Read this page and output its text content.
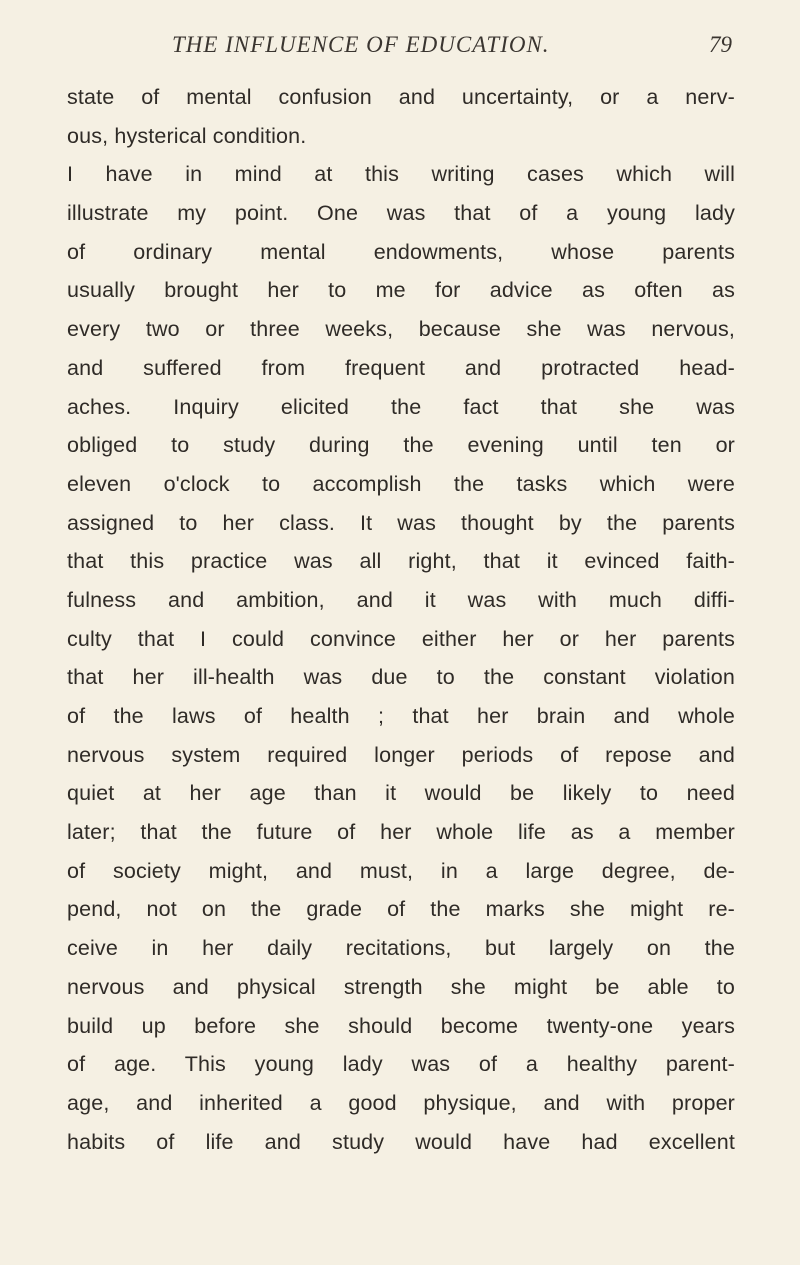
THE INFLUENCE OF EDUCATION.	79
state of mental confusion and uncertainty, or a nerv-
ous, hysterical condition.
I have in mind at this writing cases which will
illustrate my point. One was that of a young lady
of ordinary mental endowments, whose parents
usually brought her to me for advice as often as
every two or three weeks, because she was nervous,
and suffered from frequent and protracted head-
aches. Inquiry elicited the fact that she was
obliged to study during the evening until ten or
eleven o'clock to accomplish the tasks which were
assigned to her class. It was thought by the parents
that this practice was all right, that it evinced faith-
fulness and ambition, and it was with much diffi-
culty that I could convince either her or her parents
that her ill-health was due to the constant violation
of the laws of health ; that her brain and whole
nervous system required longer periods of repose and
quiet at her age than it would be likely to need
later; that the future of her whole life as a member
of society might, and must, in a large degree, de-
pend, not on the grade of the marks she might re-
ceive in her daily recitations, but largely on the
nervous and physical strength she might be able to
build up before she should become twenty-one years
of age. This young lady was of a healthy parent-
age, and inherited a good physique, and with proper
habits of life and study would have had excellent
